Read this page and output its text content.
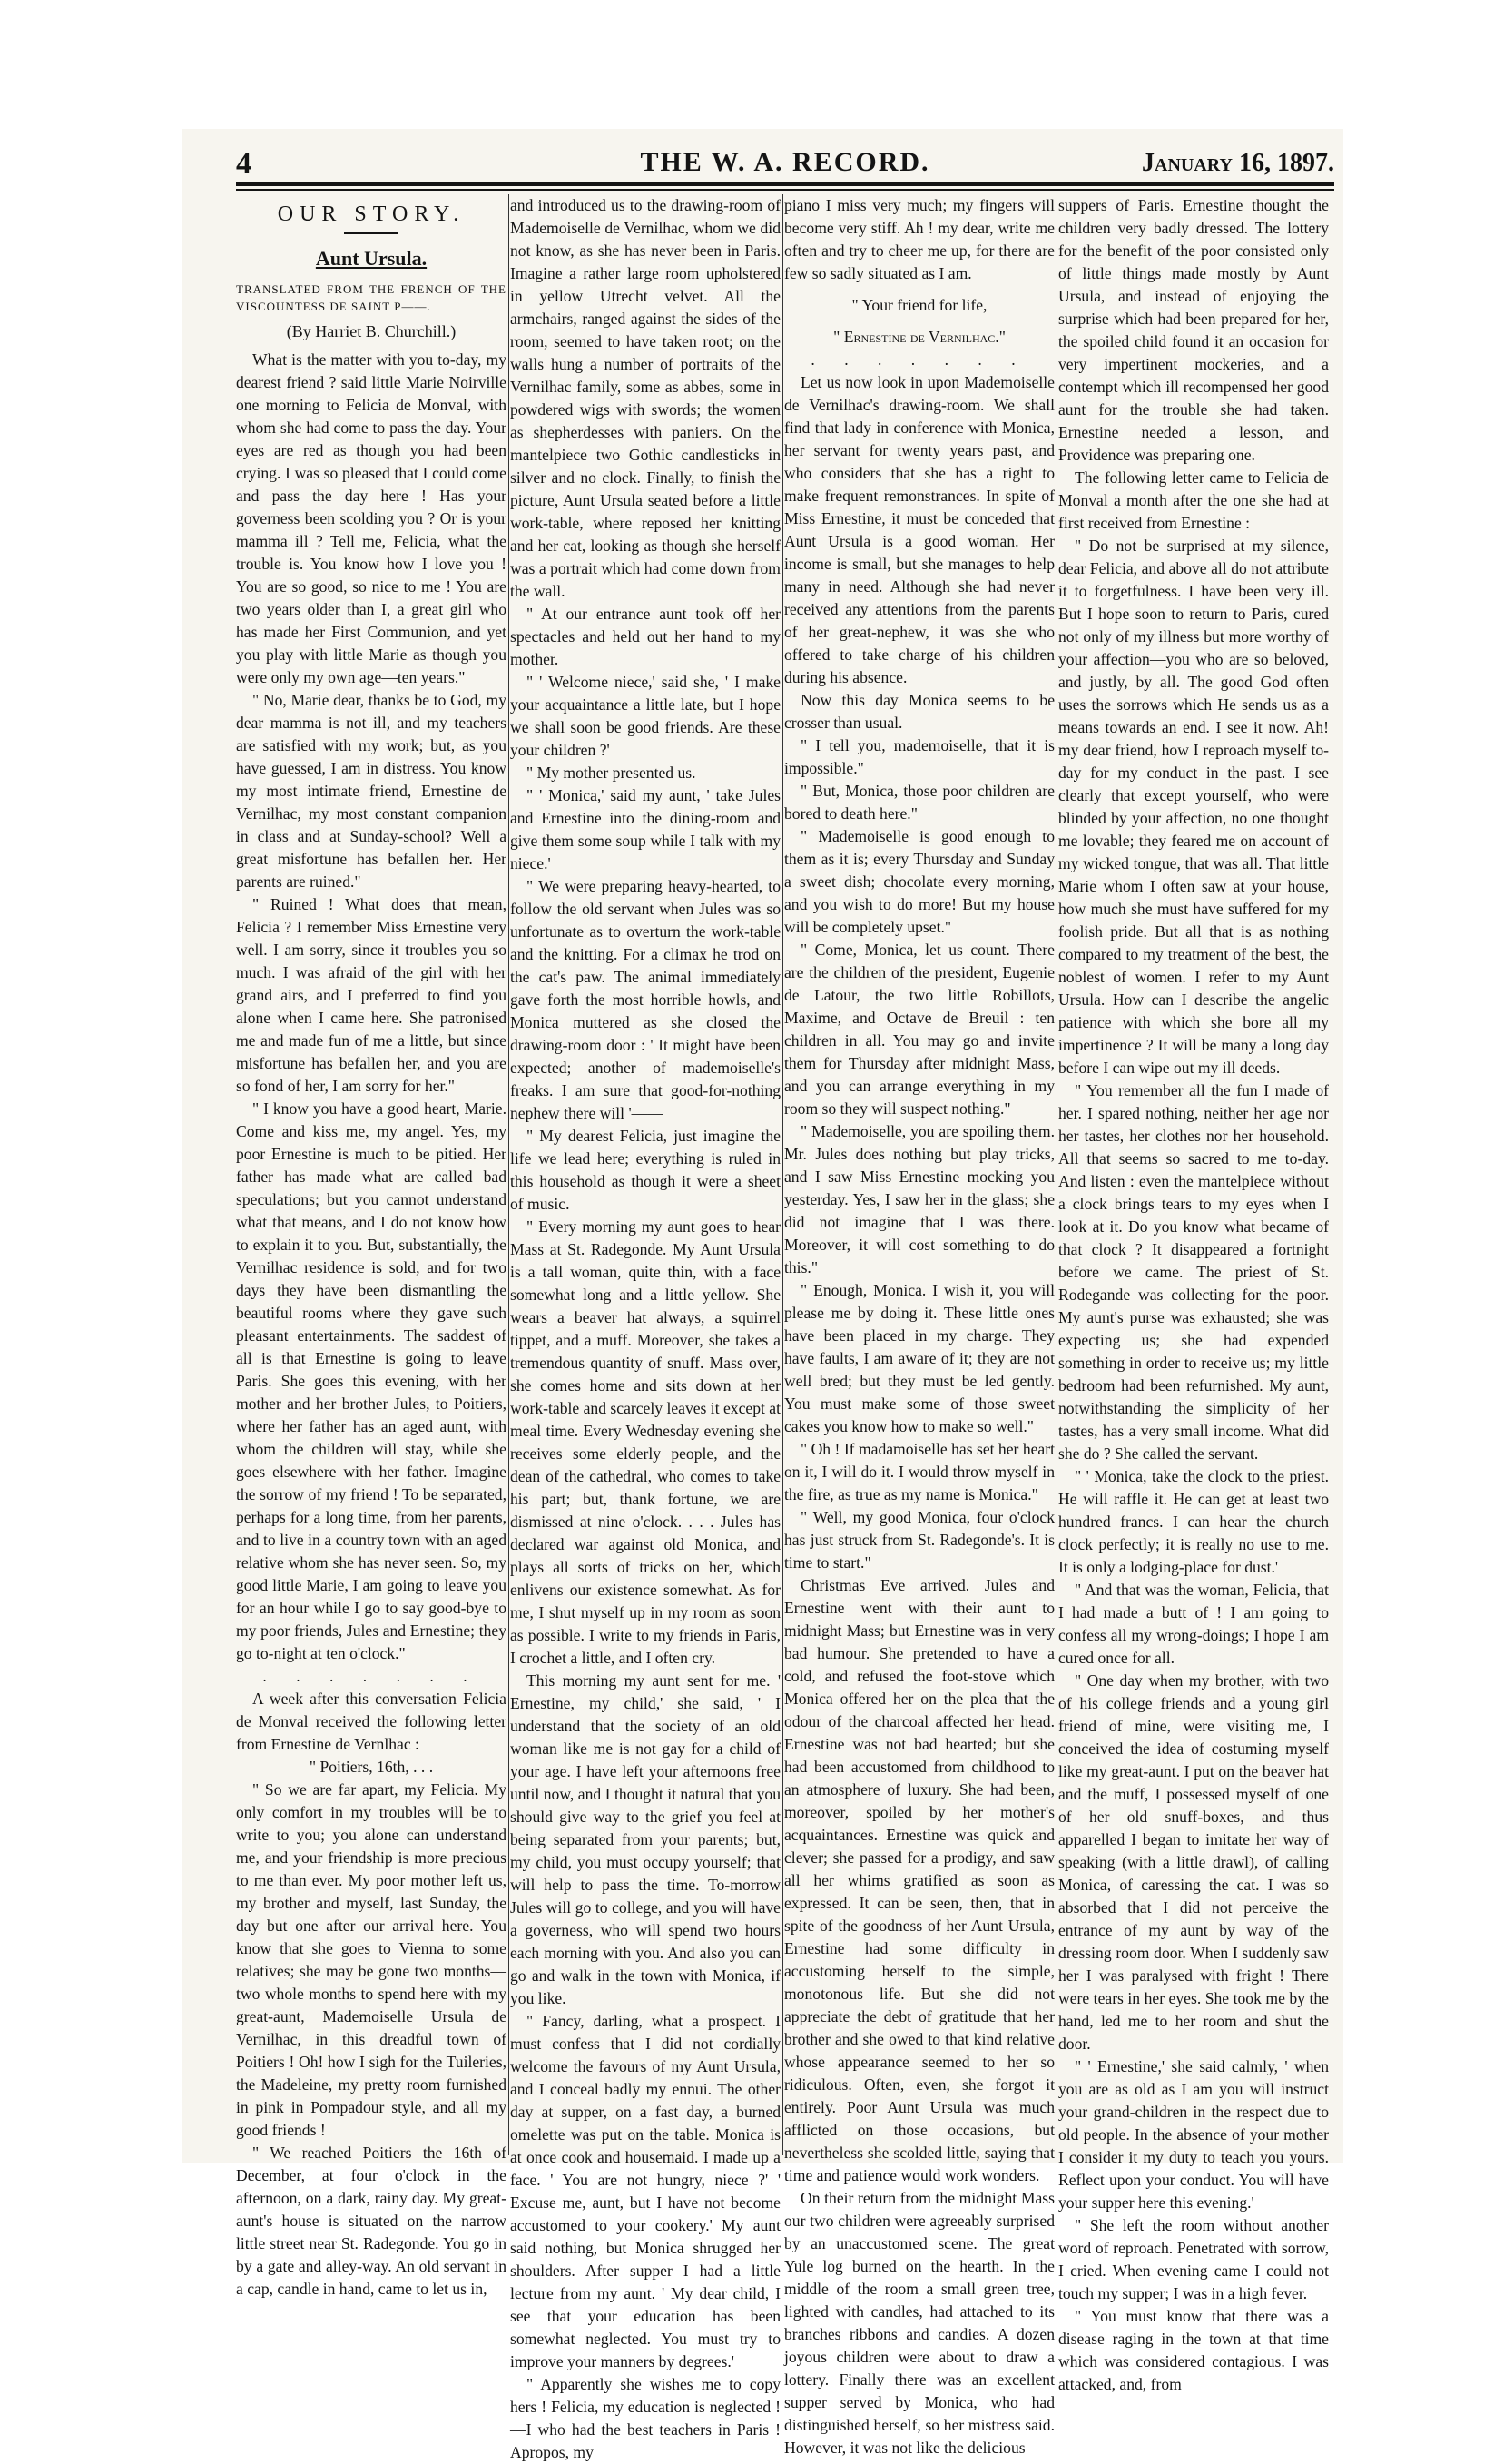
4	THE W. A. RECORD.	January 16, 1897.
OUR STORY.
Aunt Ursula.

TRANSLATED FROM THE FRENCH OF THE VISCOUNTESS DE SAINT P——.

(By Harriet B. Churchill.)

What is the matter with you to-day, my dearest friend ? said little Marie Noirville one morning to Felicia de Monval, with whom she had come to pass the day. Your eyes are red as though you had been crying. I was so pleased that I could come and pass the day here ! Has your governess been scolding you ? Or is your mamma ill ? Tell me, Felicia, what the trouble is. You know how I love you ! You are so good, so nice to me ! You are two years older than I, a great girl who has made her First Communion, and yet you play with little Marie as though you were only my own age—ten years."

" No, Marie dear, thanks be to God, my dear mamma is not ill, and my teachers are satisfied with my work; but, as you have guessed, I am in distress. You know my most intimate friend, Ernestine de Vernilhac, my most constant companion in class and at Sunday-school? Well a great misfortune has befallen her. Her parents are ruined."

" Ruined ! What does that mean, Felicia ? I remember Miss Ernestine very well. I am sorry, since it troubles you so much. I was afraid of the girl with her grand airs, and I preferred to find you alone when I came here. She patronised me and made fun of me a little, but since misfortune has befallen her, and you are so fond of her, I am sorry for her."

" I know you have a good heart, Marie. Come and kiss me, my angel. Yes, my poor Ernestine is much to be pitied. Her father has made what are called bad speculations; but you cannot understand what that means, and I do not know how to explain it to you. But, substantially, the Vernilhac residence is sold, and for two days they have been dismantling the beautiful rooms where they gave such pleasant entertainments. The saddest of all is that Ernestine is going to leave Paris. She goes this evening, with her mother and her brother Jules, to Poitiers, where her father has an aged aunt, with whom the children will stay, while she goes elsewhere with her father. Imagine the sorrow of my friend ! To be separated, perhaps for a long time, from her parents, and to live in a country town with an aged relative whom she has never seen. So, my good little Marie, I am going to leave you for an hour while I go to say good-bye to my poor friends, Jules and Ernestine; they go to-night at ten o'clock."

. . . . . . .

A week after this conversation Felicia de Monval received the following letter from Ernestine de Vernlhac :

" Poitiers, 16th, . . .

" So we are far apart, my Felicia. My only comfort in my troubles will be to write to you; you alone can understand me, and your friendship is more precious to me than ever. My poor mother left us, my brother and myself, last Sunday, the day but one after our arrival here. You know that she goes to Vienna to some relatives; she may be gone two months—two whole months to spend here with my great-aunt, Mademoiselle Ursula de Vernilhac, in this dreadful town of Poitiers ! Oh! how I sigh for the Tuileries, the Madeleine, my pretty room furnished in pink in Pompadour style, and all my good friends !

" We reached Poitiers the 16th of December, at four o'clock in the afternoon, on a dark, rainy day. My great-aunt's house is situated on the narrow little street near St. Radegonde. You go in by a gate and alley-way. An old servant in a cap, candle in hand, came to let us in,

and introduced us to the drawing-room of Mademoiselle de Vernilhac, whom we did not know, as she has never been in Paris. Imagine a rather large room upholstered in yellow Utrecht velvet. All the armchairs, ranged against the sides of the room, seemed to have taken root; on the walls hung a number of portraits of the Vernilhac family, some as abbes, some in powdered wigs with swords; the women as shepherdesses with paniers. On the mantelpiece two Gothic candlesticks in silver and no clock. Finally, to finish the picture, Aunt Ursula seated before a little work-table, where reposed her knitting and her cat, looking as though she herself was a portrait which had come down from the wall.

" At our entrance aunt took off her spectacles and held out her hand to my mother.

" ' Welcome niece,' said she, ' I make your acquaintance a little late, but I hope we shall soon be good friends. Are these your children ?'

" My mother presented us.

" ' Monica,' said my aunt, ' take Jules and Ernestine into the dining-room and give them some soup while I talk with my niece.'

" We were preparing heavy-hearted, to follow the old servant when Jules was so unfortunate as to overturn the work-table and the knitting. For a climax he trod on the cat's paw. The animal immediately gave forth the most horrible howls, and Monica muttered as she closed the drawing-room door : ' It might have been expected; another of mademoiselle's freaks. I am sure that good-for-nothing nephew there will '——

" My dearest Felicia, just imagine the life we lead here; everything is ruled in this household as though it were a sheet of music.

" Every morning my aunt goes to hear Mass at St. Radegonde. My Aunt Ursula is a tall woman, quite thin, with a face somewhat long and a little yellow. She wears a beaver hat always, a squirrel tippet, and a muff. Moreover, she takes a tremendous quantity of snuff. Mass over, she comes home and sits down at her work-table and scarcely leaves it except at meal time. Every Wednesday evening she receives some elderly people, and the dean of the cathedral, who comes to take his part; but, thank fortune, we are dismissed at nine o'clock. . . . Jules has declared war against old Monica, and plays all sorts of tricks on her, which enlivens our existence somewhat. As for me, I shut myself up in my room as soon as possible. I write to my friends in Paris, I crochet a little, and I often cry.

This morning my aunt sent for me. ' Ernestine, my child,' she said, ' I understand that the society of an old woman like me is not gay for a child of your age. I have left your afternoons free until now, and I thought it natural that you should give way to the grief you feel at being separated from your parents; but, my child, you must occupy yourself; that will help to pass the time. To-morrow Jules will go to college, and you will have a governess, who will spend two hours each morning with you. And also you can go and walk in the town with Monica, if you like.

" Fancy, darling, what a prospect. I must confess that I did not cordially welcome the favours of my Aunt Ursula, and I conceal badly my ennui. The other day at supper, on a fast day, a burned omelette was put on the table. Monica is at once cook and housemaid. I made up a face. ' You are not hungry, niece ?' ' Excuse me, aunt, but I have not become accustomed to your cookery.' My aunt said nothing, but Monica shrugged her shoulders. After supper I had a little lecture from my aunt. ' My dear child, I see that your education has been somewhat neglected. You must try to improve your manners by degrees.'

" Apparently she wishes me to copy hers ! Felicia, my education is neglected !—I who had the best teachers in Paris ! Apropos, my

piano I miss very much; my fingers will become very stiff. Ah ! my dear, write me often and try to cheer me up, for there are few so sadly situated as I am.

" Your friend for life,

" Ernestine de Vernilhac."

. . . . . . .

Let us now look in upon Mademoiselle de Vernilhac's drawing-room. We shall find that lady in conference with Monica, her servant for twenty years past, and who considers that she has a right to make frequent remonstrances. In spite of Miss Ernestine, it must be conceded that Aunt Ursula is a good woman. Her income is small, but she manages to help many in need. Although she had never received any attentions from the parents of her great-nephew, it was she who offered to take charge of his children during his absence.

Now this day Monica seems to be crosser than usual.

" I tell you, mademoiselle, that it is impossible."

" But, Monica, those poor children are bored to death here."

" Mademoiselle is good enough to them as it is; every Thursday and Sunday a sweet dish; chocolate every morning, and you wish to do more! But my house will be completely upset."

" Come, Monica, let us count. There are the children of the president, Eugenie de Latour, the two little Robillots, Maxime, and Octave de Breuil : ten children in all. You may go and invite them for Thursday after midnight Mass, and you can arrange everything in my room so they will suspect nothing."

" Mademoiselle, you are spoiling them. Mr. Jules does nothing but play tricks, and I saw Miss Ernestine mocking you yesterday. Yes, I saw her in the glass; she did not imagine that I was there. Moreover, it will cost something to do this."

" Enough, Monica. I wish it, you will please me by doing it. These little ones have been placed in my charge. They have faults, I am aware of it; they are not well bred; but they must be led gently. You must make some of those sweet cakes you know how to make so well."

" Oh ! If madamoiselle has set her heart on it, I will do it. I would throw myself in the fire, as true as my name is Monica."

" Well, my good Monica, four o'clock has just struck from St. Radegonde's. It is time to start."

Christmas Eve arrived. Jules and Ernestine went with their aunt to midnight Mass; but Ernestine was in very bad humour. She pretended to have a cold, and refused the foot-stove which Monica offered her on the plea that the odour of the charcoal affected her head. Ernestine was not bad hearted; but she had been accustomed from childhood to an atmosphere of luxury. She had been, moreover, spoiled by her mother's acquaintances. Ernestine was quick and clever; she passed for a prodigy, and saw all her whims gratified as soon as expressed. It can be seen, then, that in spite of the goodness of her Aunt Ursula, Ernestine had some difficulty in accustoming herself to the simple, monotonous life. But she did not appreciate the debt of gratitude that her brother and she owed to that kind relative whose appearance seemed to her so ridiculous. Often, even, she forgot it entirely. Poor Aunt Ursula was much afflicted on those occasions, but nevertheless she scolded little, saying that time and patience would work wonders.

On their return from the midnight Mass our two children were agreeably surprised by an unaccustomed scene. The great Yule log burned on the hearth. In the middle of the room a small green tree, lighted with candles, had attached to its branches ribbons and candies. A dozen joyous children were about to draw a lottery. Finally there was an excellent supper served by Monica, who had distinguished herself, so her mistress said. However, it was not like the delicious

suppers of Paris. Ernestine thought the children very badly dressed. The lottery for the benefit of the poor consisted only of little things made mostly by Aunt Ursula, and instead of enjoying the surprise which had been prepared for her, the spoiled child found it an occasion for very impertinent mockeries, and a contempt which ill recompensed her good aunt for the trouble she had taken. Ernestine needed a lesson, and Providence was preparing one.

The following letter came to Felicia de Monval a month after the one she had at first received from Ernestine :

" Do not be surprised at my silence, dear Felicia, and above all do not attribute it to forgetfulness. I have been very ill. But I hope soon to return to Paris, cured not only of my illness but more worthy of your affection—you who are so beloved, and justly, by all. The good God often uses the sorrows which He sends us as a means towards an end. I see it now. Ah! my dear friend, how I reproach myself to-day for my conduct in the past. I see clearly that except yourself, who were blinded by your affection, no one thought me lovable; they feared me on account of my wicked tongue, that was all. That little Marie whom I often saw at your house, how much she must have suffered for my foolish pride. But all that is as nothing compared to my treatment of the best, the noblest of women. I refer to my Aunt Ursula. How can I describe the angelic patience with which she bore all my impertinence ? It will be many a long day before I can wipe out my ill deeds.

" You remember all the fun I made of her. I spared nothing, neither her age nor her tastes, her clothes nor her household. All that seems so sacred to me to-day. And listen : even the mantelpiece without a clock brings tears to my eyes when I look at it. Do you know what became of that clock ? It disappeared a fortnight before we came. The priest of St. Rodegande was collecting for the poor. My aunt's purse was exhausted; she was expecting us; she had expended something in order to receive us; my little bedroom had been refurnished. My aunt, notwithstanding the simplicity of her tastes, has a very small income. What did she do ? She called the servant.

" ' Monica, take the clock to the priest. He will raffle it. He can get at least two hundred francs. I can hear the church clock perfectly; it is really no use to me. It is only a lodging-place for dust.'

" And that was the woman, Felicia, that I had made a butt of ! I am going to confess all my wrong-doings; I hope I am cured once for all.

" One day when my brother, with two of his college friends and a young girl friend of mine, were visiting me, I conceived the idea of costuming myself like my great-aunt. I put on the beaver hat and the muff, I possessed myself of one of her old snuff-boxes, and thus apparelled I began to imitate her way of speaking (with a little drawl), of calling Monica, of caressing the cat. I was so absorbed that I did not perceive the entrance of my aunt by way of the dressing room door. When I suddenly saw her I was paralysed with fright ! There were tears in her eyes. She took me by the hand, led me to her room and shut the door.

" ' Ernestine,' she said calmly, ' when you are as old as I am you will instruct your grand-children in the respect due to old people. In the absence of your mother I consider it my duty to teach you yours. Reflect upon your conduct. You will have your supper here this evening.'

" She left the room without another word of reproach. Penetrated with sorrow, I cried. When evening came I could not touch my supper; I was in a high fever.

" You must know that there was a disease raging in the town at that time which was considered contagious. I was attacked, and, from
